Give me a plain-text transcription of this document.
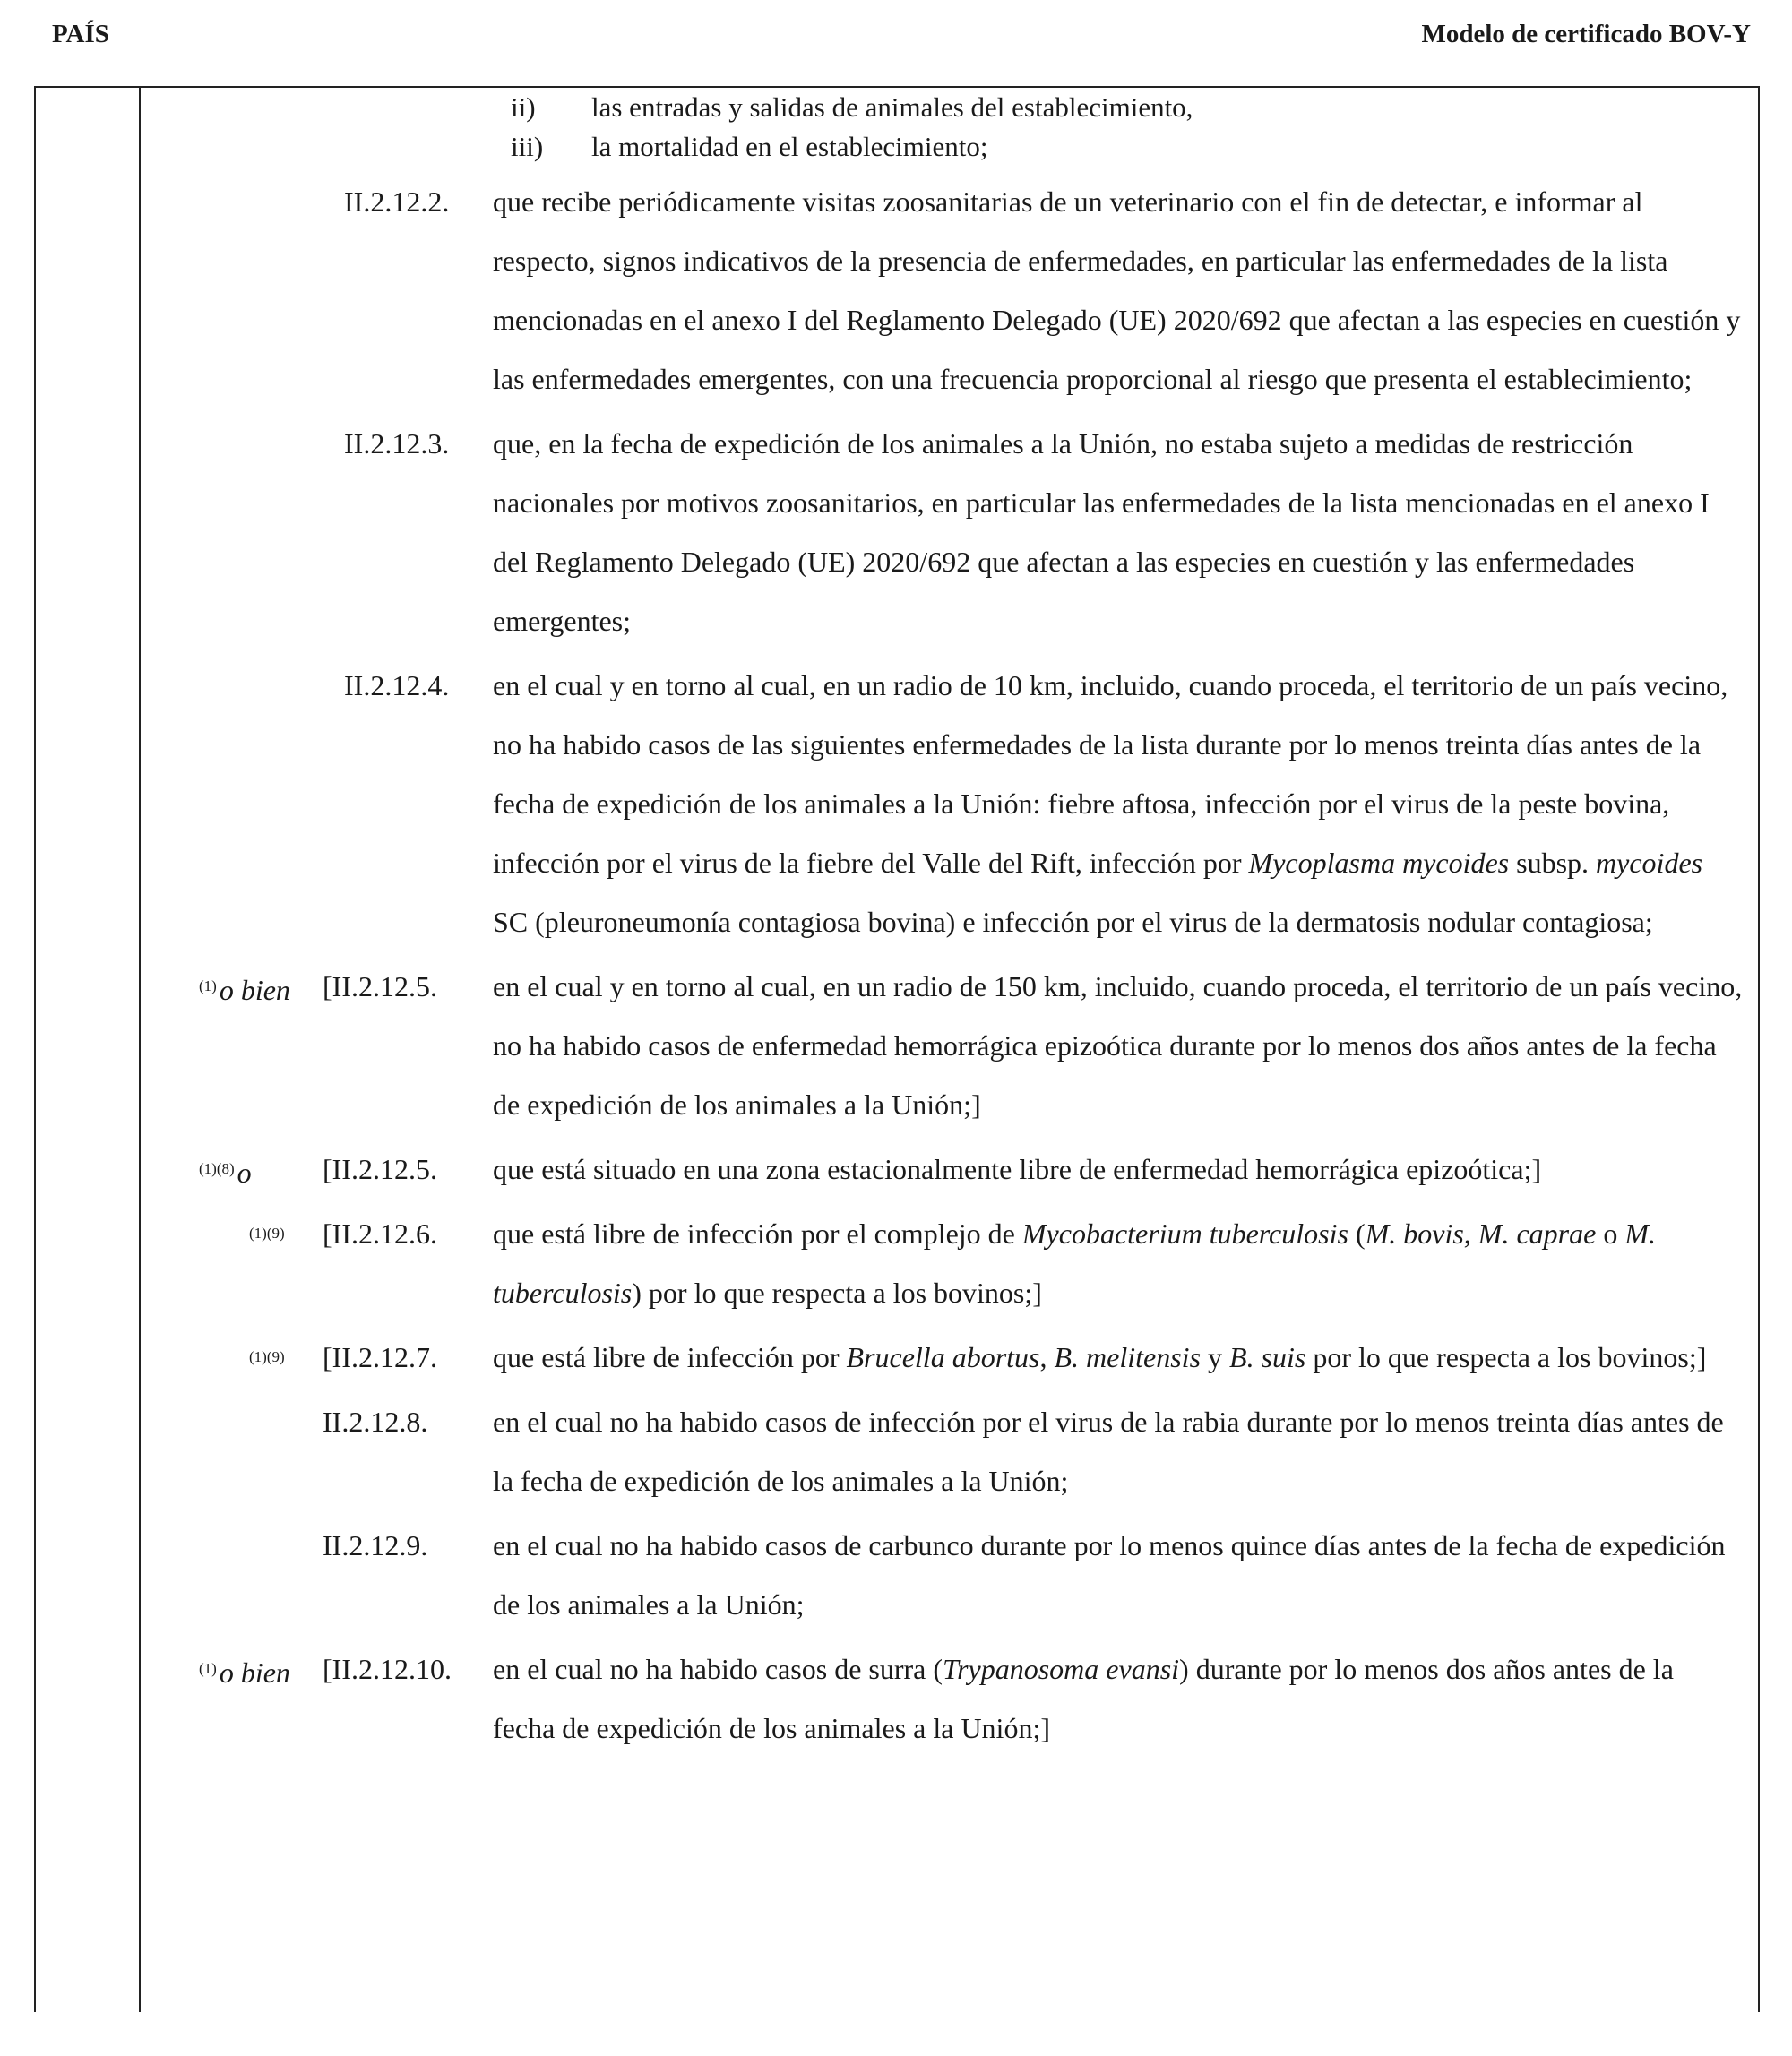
PAÍS	Modelo de certificado BOV-Y
ii) las entradas y salidas de animales del establecimiento,
iii) la mortalidad en el establecimiento;
II.2.12.2. que recibe periódicamente visitas zoosanitarias de un veterinario con el fin de detectar, e informar al respecto, signos indicativos de la presencia de enfermedades, en particular las enfermedades de la lista mencionadas en el anexo I del Reglamento Delegado (UE) 2020/692 que afectan a las especies en cuestión y las enfermedades emergentes, con una frecuencia proporcional al riesgo que presenta el establecimiento;
II.2.12.3. que, en la fecha de expedición de los animales a la Unión, no estaba sujeto a medidas de restricción nacionales por motivos zoosanitarios, en particular las enfermedades de la lista mencionadas en el anexo I del Reglamento Delegado (UE) 2020/692 que afectan a las especies en cuestión y las enfermedades emergentes;
II.2.12.4. en el cual y en torno al cual, en un radio de 10 km, incluido, cuando proceda, el territorio de un país vecino, no ha habido casos de las siguientes enfermedades de la lista durante por lo menos treinta días antes de la fecha de expedición de los animales a la Unión: fiebre aftosa, infección por el virus de la peste bovina, infección por el virus de la fiebre del Valle del Rift, infección por Mycoplasma mycoides subsp. mycoides SC (pleuroneumonía contagiosa bovina) e infección por el virus de la dermatosis nodular contagiosa;
$^{(1)}$o bien	[II.2.12.5. en el cual y en torno al cual, en un radio de 150 km, incluido, cuando proceda, el territorio de un país vecino, no ha habido casos de enfermedad hemorrágica epizoótica durante por lo menos dos años antes de la fecha de expedición de los animales a la Unión;]
$^{(1)(8)}$o	[II.2.12.5. que está situado en una zona estacionalmente libre de enfermedad hemorrágica epizoótica;]
$^{(1)(9)}$	[II.2.12.6. que está libre de infección por el complejo de Mycobacterium tuberculosis (M. bovis, M. caprae o M. tuberculosis) por lo que respecta a los bovinos;]
$^{(1)(9)}$	[II.2.12.7. que está libre de infección por Brucella abortus, B. melitensis y B. suis por lo que respecta a los bovinos;]
II.2.12.8. en el cual no ha habido casos de infección por el virus de la rabia durante por lo menos treinta días antes de la fecha de expedición de los animales a la Unión;
II.2.12.9. en el cual no ha habido casos de carbunco durante por lo menos quince días antes de la fecha de expedición de los animales a la Unión;
$^{(1)}$o bien	[II.2.12.10. en el cual no ha habido casos de surra (Trypanosoma evansi) durante por lo menos dos años antes de la fecha de expedición de los animales a la Unión;]
